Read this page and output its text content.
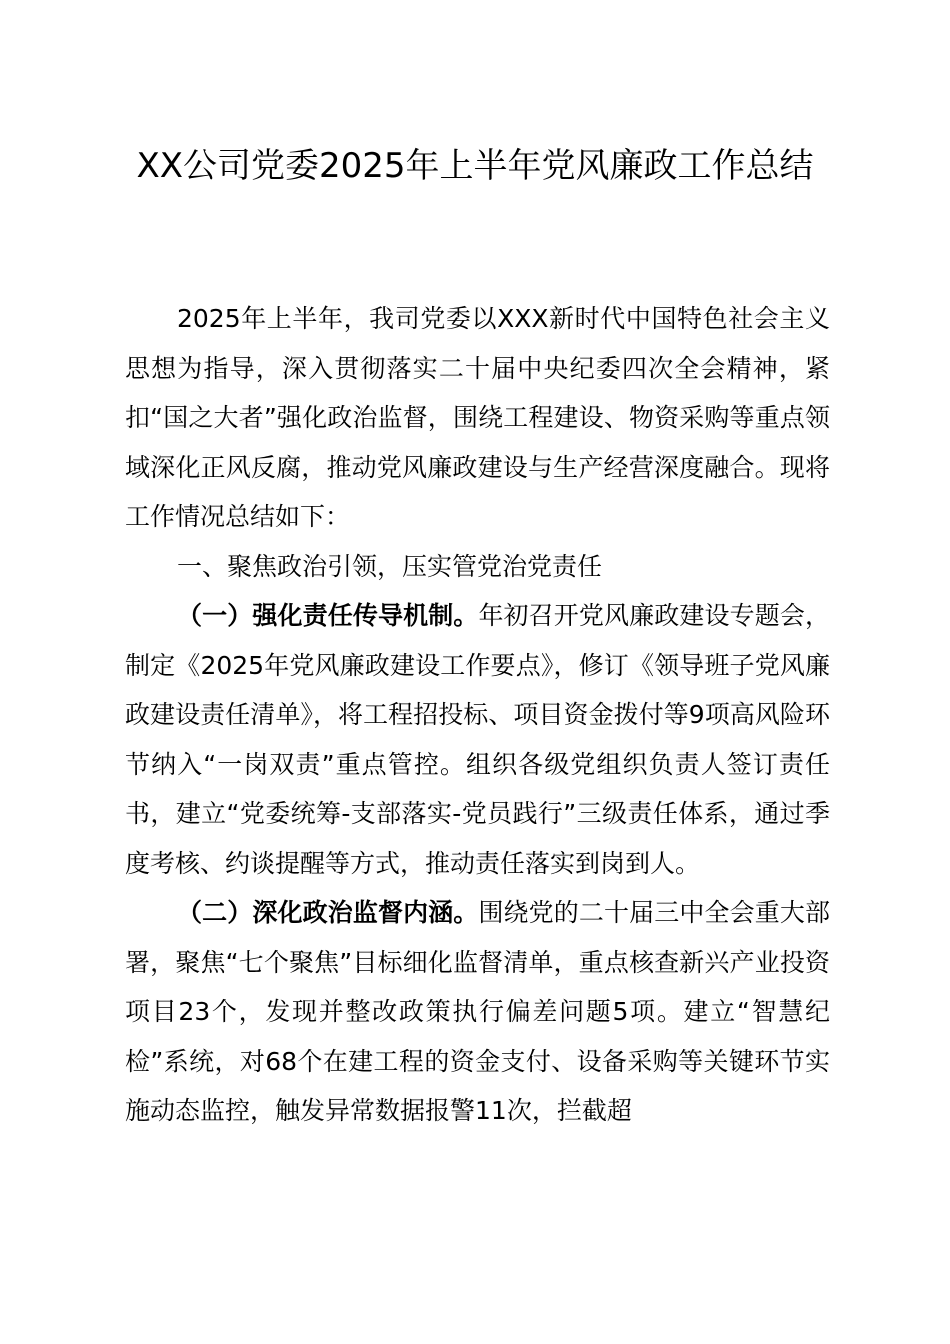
XX公司党委2025年上半年党风廉政工作总结

2025年上半年，我司党委以XXX新时代中国特色社会主义思想为指导，深入贯彻落实二十届中央纪委四次全会精神，紧扣“国之大者”强化政治监督，围绕工程建设、物资采购等重点领域深化正风反腐，推动党风廉政建设与生产经营深度融合。现将工作情况总结如下：

一、聚焦政治引领，压实管党治党责任

（一）强化责任传导机制。年初召开党风廉政建设专题会，制定《2025年党风廉政建设工作要点》，修订《领导班子党风廉政建设责任清单》，将工程招投标、项目资金拨付等9项高风险环节纳入“一岗双责”重点管控。组织各级党组织负责人签订责任书，建立“党委统筹-支部落实-党员践行”三级责任体系，通过季度考核、约谈提醒等方式，推动责任落实到岗到人。

（二）深化政治监督内涵。围绕党的二十届三中全会重大部署，聚焦“七个聚焦”目标细化监督清单，重点核查新兴产业投资项目23个，发现并整改政策执行偏差问题5项。建立“智慧纪检”系统，对68个在建工程的资金支付、设备采购等关键环节实施动态监控，触发异常数据报警11次，拦截超
